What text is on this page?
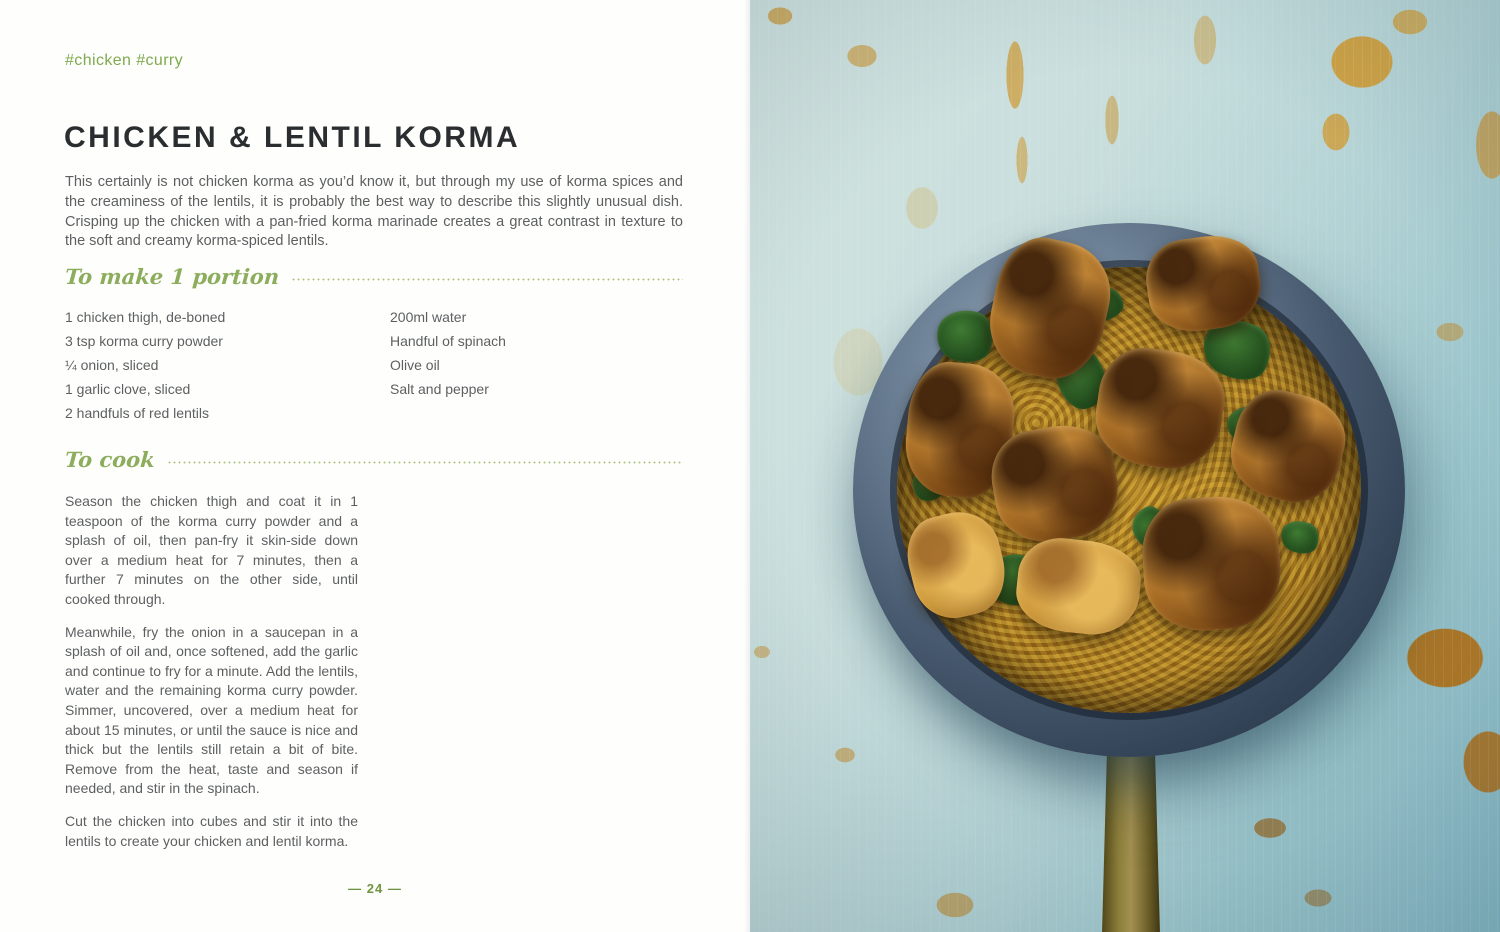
#chicken #curry
CHICKEN & LENTIL KORMA

This certainly is not chicken korma as you’d know it, but through my use of korma spices and the creaminess of the lentils, it is probably the best way to describe this slightly unusual dish. Crisping up the chicken with a pan-fried korma marinade creates a great contrast in texture to the soft and creamy korma-spiced lentils.

To make 1 portion
1 chicken thigh, de-boned
3 tsp korma curry powder
¼ onion, sliced
1 garlic clove, sliced
2 handfuls of red lentils
200ml water
Handful of spinach
Olive oil
Salt and pepper
To cook

Season the chicken thigh and coat it in 1 teaspoon of the korma curry powder and a splash of oil, then pan-fry it skin-side down over a medium heat for 7 minutes, then a further 7 minutes on the other side, until cooked through.

Meanwhile, fry the onion in a saucepan in a splash of oil and, once softened, add the garlic and continue to fry for a minute. Add the lentils, water and the remaining korma curry powder. Simmer, uncovered, over a medium heat for about 15 minutes, or until the sauce is nice and thick but the lentils still retain a bit of bite. Remove from the heat, taste and season if needed, and stir in the spinach.

Cut the chicken into cubes and stir it into the lentils to create your chicken and lentil korma.

— 24 —
